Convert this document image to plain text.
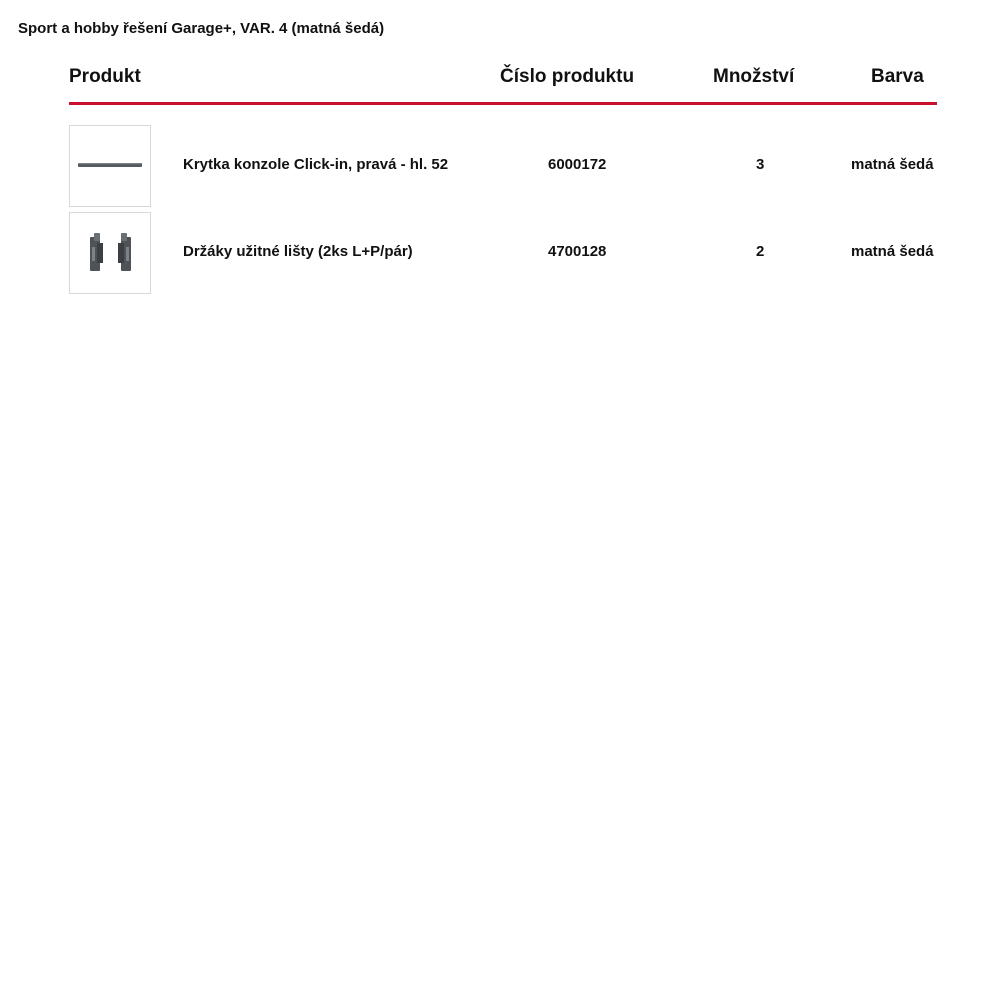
Sport a hobby řešení Garage+, VAR. 4 (matná šedá)
Produkt	Číslo produktu	Množství	Barva
Krytka konzole Click-in, pravá - hl. 52	6000172	3	matná šedá
Držáky užitné lišty (2ks L+P/pár)	4700128	2	matná šedá
